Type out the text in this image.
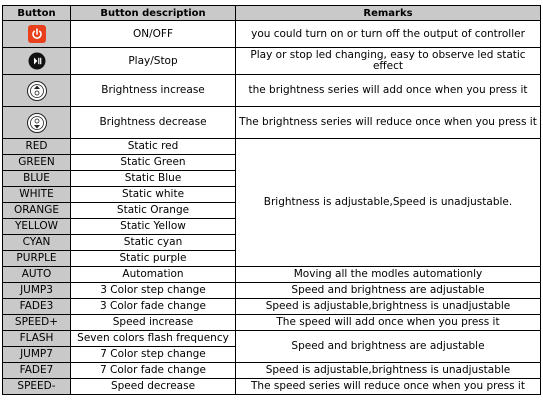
Button	Button description	Remarks
	ON/OFF	you could turn on or turn off the output of controller
	Play/Stop	Play or stop led changing, easy to observe led static effect
	Brightness increase	the brightness series will add once when you press it
	Brightness decrease	The brightness series will reduce once when you press it
RED	Static red	Brightness is adjustable,Speed is unadjustable.
GREEN	Static Green	
BLUE	Static Blue	
WHITE	Static white	
ORANGE	Static Orange	
YELLOW	Static Yellow	
CYAN	Static cyan	
PURPLE	Static purple	
AUTO	Automation	Moving all the modles automationly
JUMP3	3 Color step change	Speed and brightness are adjustable
FADE3	3 Color fade change	Speed is adjustable,brightness is unadjustable
SPEED+	Speed increase	The speed will add once when you press it
FLASH	Seven colors flash frequency	Speed and brightness are adjustable
JUMP7	7 Color step change	
FADE7	7 Color fade change	Speed is adjustable,brightness is unadjustable
SPEED-	Speed decrease	The speed series will reduce once when you press it
